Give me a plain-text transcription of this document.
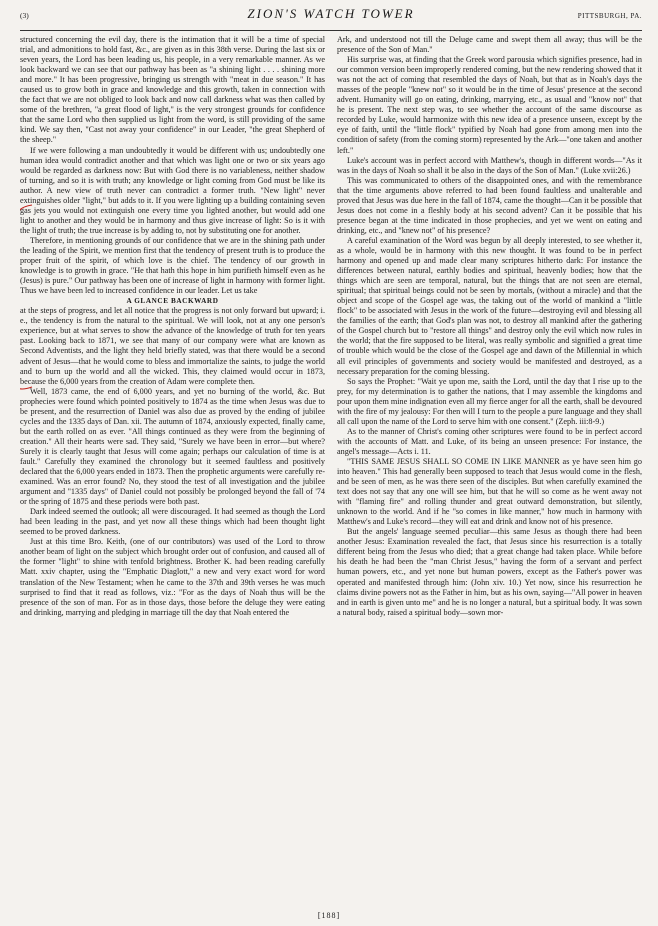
(3)	ZION'S WATCH TOWER	PITTSBURGH, PA.

structured concerning the evil day, there is the intimation that it will be a time of special trial, and admonitions to hold fast, &c., are given as in this 38th verse. During the last six or seven years, the Lord has been leading us, his people, in a very remarkable manner. As we look backward we can see that our pathway has been as "a shining light . . . . shining more and more." It has been progressive, bringing us strength with "meat in due season." It has caused us to grow both in grace and knowledge and this growth, taken in connection with the fact that we are not obliged to look back and now call darkness what was then called by some of the brethren, "a great flood of light," is the very strongest grounds for confidence that the same Lord who then supplied us light from the word, is still providing of the same kind. We say then, "Cast not away your confidence" in our Leader, "the great Shepherd of the sheep."

If we were following a man undoubtedly it would be different with us; undoubtedly one human idea would contradict another and that which was light one or two or six years ago would be regarded as darkness now: But with God there is no variableness, neither shadow of turning, and so it is with truth; any knowledge or light coming from God must be like its author. A new view of truth never can contradict a former truth. "New light" never extinguishes older "light," but adds to it. If you were lighting up a building containing seven gas jets you would not extinguish one every time you lighted another, but would add one light to another and they would be in harmony and thus give increase of light: So is it with the light of truth; the true increase is by adding to, not by substituting one for another.

Therefore, in mentioning grounds of our confidence that we are in the shining path under the leading of the Spirit, we mention first that the tendency of present truth is to produce the proper fruit of the spirit, of which love is the chief. The tendency of our growth in knowledge is to growth in grace. "He that hath this hope in him purifieth himself even as he (Jesus) is pure." Our pathway has been one of increase of light in harmony with former light. Thus we have been led to increased confidence in our leader. Let us take

A GLANCE BACKWARD

at the steps of progress, and let all notice that the progress is not only forward but upward; i. e., the tendency is from the natural to the spiritual. We will look, not at any one person's experience, but at what serves to show the advance of the knowledge of truth for ten years past. Looking back to 1871, we see that many of our company were what are known as Second Adventists, and the light they held briefly stated, was that there would be a second advent of Jesus—that he would come to bless and immortalize the saints, to judge the world and to burn up the world and all the wicked. This, they claimed would occur in 1873, because the 6,000 years from the creation of Adam were complete then.

Well, 1873 came, the end of 6,000 years, and yet no burning of the world, &c. But prophecies were found which pointed positively to 1874 as the time when Jesus was due to be present, and the resurrection of Daniel was also due as proved by the ending of jubilee cycles and the 1335 days of Dan. xii. The autumn of 1874, anxiously expected, finally came, but the earth rolled on as ever. "All things continued as they were from the beginning of creation." All their hearts were sad. They said, "Surely we have been in error—but where? Surely it is clearly taught that Jesus will come again; perhaps our calculation of time is at fault." Carefully they examined the chronology but it seemed faultless and positively declared that the 6,000 years ended in 1873. Then the prophetic arguments were carefully re-examined. Was an error found? No, they stood the test of all investigation and the jubilee argument and "1335 days" of Daniel could not possibly be prolonged beyond the fall of '74 or the spring of 1875 and these periods were both past.

Dark indeed seemed the outlook; all were discouraged. It had seemed as though the Lord had been leading in the past, and yet now all these things which had been thought light seemed to be proved darkness.

Just at this time Bro. Keith, (one of our contributors) was used of the Lord to throw another beam of light on the subject which brought order out of confusion, and caused all of the former "light" to shine with tenfold brightness. Brother K. had been reading carefully Matt. xxiv chapter, using the "Emphatic Diaglott," a new and very exact word for word translation of the New Testament; when he came to the 37th and 39th verses he was much surprised to find that it read as follows, viz.: "For as the days of Noah thus will be the presence of the son of man. For as in those days, those before the deluge they were eating and drinking, marrying and pledging in marriage till the day that Noah entered the

Ark, and understood not till the Deluge came and swept them all away; thus will be the presence of the Son of Man."

His surprise was, at finding that the Greek word parousia which signifies presence, had in our common version been improperly rendered coming, but the new rendering showed that it was not the act of coming that resembled the days of Noah, but that as in Noah's days the masses of the people "knew not" so it would be in the time of Jesus' presence at the second advent. Humanity will go on eating, drinking, marrying, etc., as usual and "know not" that he is present. The next step was, to see whether the account of the same discourse as recorded by Luke, would harmonize with this new idea of a presence unseen, except by the eye of faith, until the "little flock" typified by Noah had gone from among men into the condition of safety (from the coming storm) represented by the Ark—"one taken and another left."

Luke's account was in perfect accord with Matthew's, though in different words—"As it was in the days of Noah so shall it be also in the days of the Son of Man." (Luke xvii:26.)

This was communicated to others of the disappointed ones, and with the remembrance that the time arguments above referred to had been found faultless and unalterable and proved that Jesus was due here in the fall of 1874, came the thought—Can it be possible that Jesus does not come in a fleshly body at his second advent? Can it be possible that his presence began at the time indicated in those prophecies, and yet we went on eating and drinking, etc., and "knew not" of his presence?

A careful examination of the Word was begun by all deeply interested, to see whether it, as a whole, would be in harmony with this new thought. It was found to be in perfect harmony and opened up and made clear many scriptures hitherto dark: For instance the differences between natural, earthly bodies and spiritual, heavenly bodies; how that the things which are seen are temporal, natural, but the things that are not seen are eternal, spiritual; that spiritual beings could not be seen by mortals, (without a miracle) and that the object and scope of the Gospel age was, the taking out of the world of mankind a "little flock" to be associated with Jesus in the work of the future—destroying evil and blessing all the families of the earth; that God's plan was not, to destroy all mankind after the gathering of the Gospel church but to "restore all things" and destroy only the evil which now rules in the world; that the fire supposed to be literal, was really symbolic and signified a great time of trouble which would be the close of the Gospel age and dawn of the Millennial in which all evil principles of governments and society would be manifested and destroyed, as a necessary preparation for the coming blessing.

So says the Prophet: "Wait ye upon me, saith the Lord, until the day that I rise up to the prey, for my determination is to gather the nations, that I may assemble the kingdoms and pour upon them mine indignation even all my fierce anger for all the earth, shall be devoured with the fire of my jealousy: For then will I turn to the people a pure language and they shall all call upon the name of the Lord to serve him with one consent." (Zeph. iii:8-9.)

As to the manner of Christ's coming other scriptures were found to be in perfect accord with the accounts of Matt. and Luke, of its being an unseen presence: For instance, the angel's message—Acts i. 11.

"THIS SAME JESUS SHALL SO COME IN LIKE MANNER as ye have seen him go into heaven." This had generally been supposed to teach that Jesus would come in the flesh, and be seen of men, as he was there seen of the disciples. But when carefully examined the text does not say that any one will see him, but that he will so come as he went away not with "flaming fire" and rolling thunder and great outward demonstration, but silently, unknown to the world. And if he "so comes in like manner," how much in harmony with Matthew's and Luke's record—they will eat and drink and know not of his presence.

But the angels' language seemed peculiar—this same Jesus as though there had been another Jesus: Examination revealed the fact, that Jesus since his resurrection is a totally different being from the Jesus who died; that a great change had taken place. While before his death he had been the "man Christ Jesus," having the form of a servant and perfect human powers, etc., and yet none but human powers, except as the Father's power was operated and manifested through him: (John xiv. 10.) Yet now, since his resurrection he claims divine powers not as the Father in him, but as his own, saying—"All power in heaven and in earth is given unto me" and he is no longer a natural, but a spiritual body. It was sown a natural body, raised a spiritual body—sown mor-

[188]
